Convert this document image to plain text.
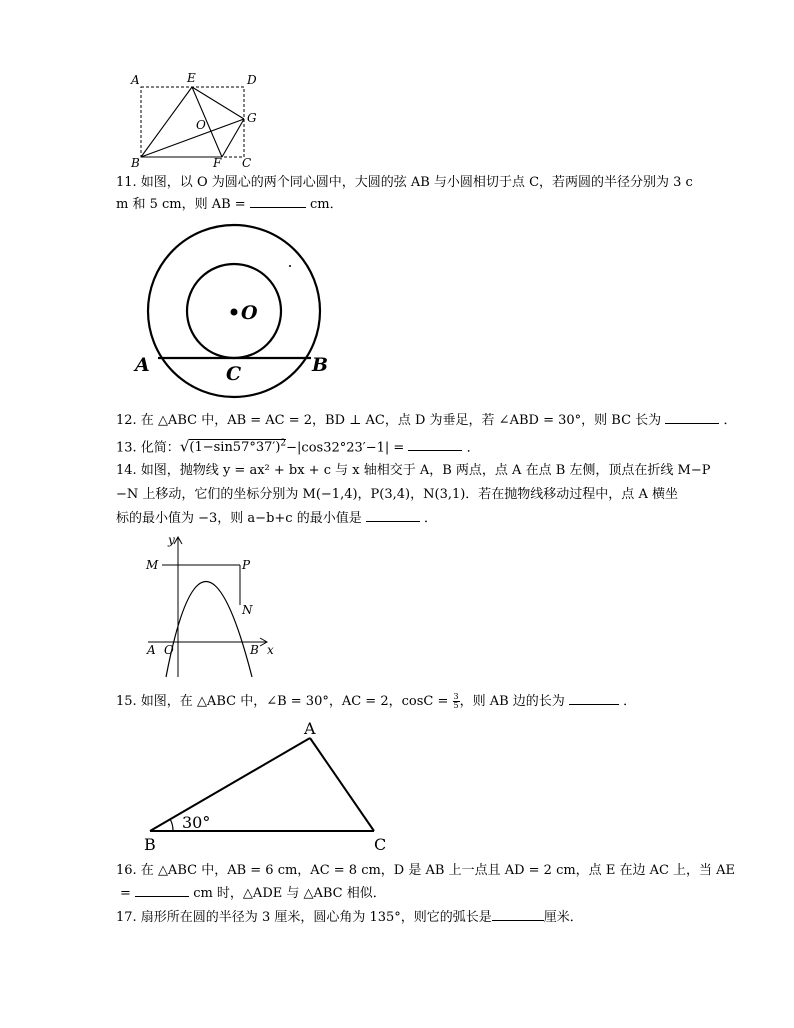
A	E	D
O	G
B	F C
11. 如图，以 O 为圆心的两个同心圆中，大圆的弦 AB 与小圆相切于点 C，若两圆的半径分别为 3 c
m 和 5 cm，则 AB =	cm．
O
A	C	B
12. 在 △ABC 中，AB = AC = 2，BD ⊥ AC，点 D 为垂足，若 ∠ABD = 30°，则 BC 长为	．
13. 化简：$√(1-\sin 57^\circ 37')^2-|\cos 32^\circ 23'-1|$ =	．
14. 如图，抛物线 y = ax² + bx + c 与 x 轴相交于 A，B 两点，点 A 在点 B 左侧，顶点在折线 M−P
−N 上移动，它们的坐标分别为 M(−1,4)，P(3,4)，N(3,1)．若在抛物线移动过程中，点 A 横坐
标的最小值为 −3，则 a−b+c 的最小值是	．
y
M	P
N
A O	B x
15. 如图，在 △ABC 中，∠B = 30°，AC = 2，$\cos C = \frac{3}{5}$ ，则 AB 边的长为	．
A
B	C
30°
16. 在 △ABC 中，AB = 6 cm，AC = 8 cm，D 是 AB 上一点且 AD = 2 cm，点 E 在边 AC 上，当 AE
=	cm 时，△ADE 与 △ABC 相似．
17. 扇形所在圆的半径为 3 厘米，圆心角为 135°，则它的弧长是	厘米．
